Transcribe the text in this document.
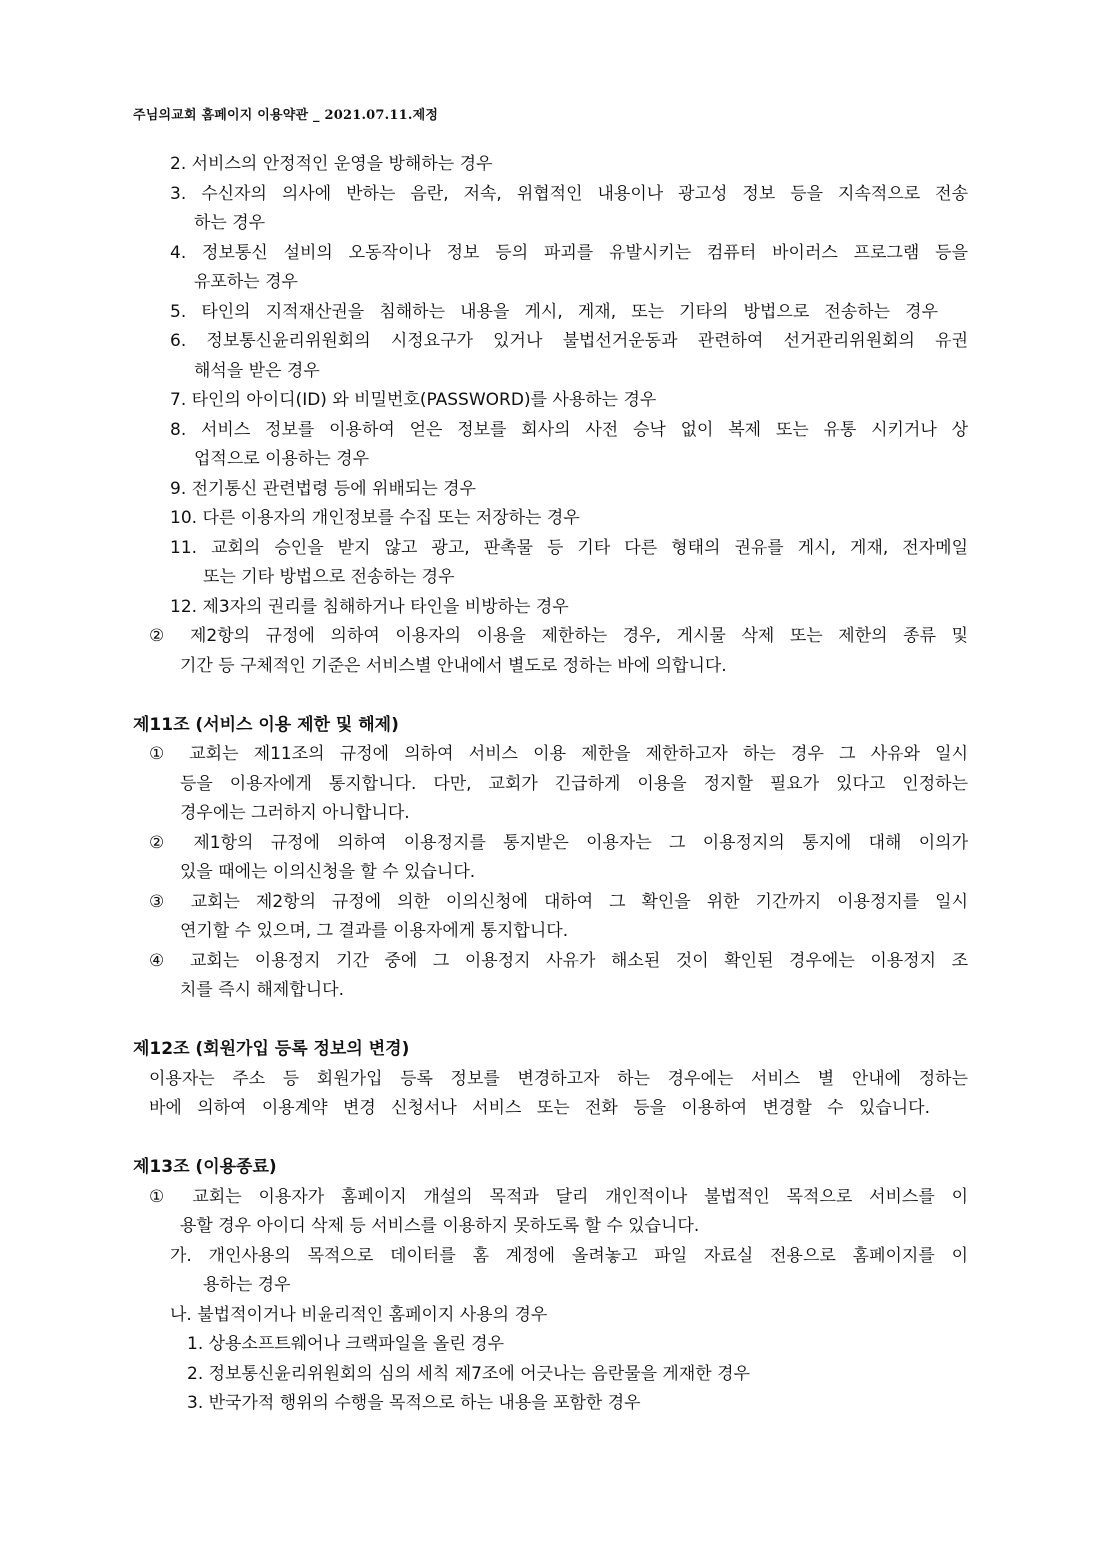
주님의교회 홈페이지 이용약관 _ 2021.07.11.제정
2. 서비스의 안정적인 운영을 방해하는 경우
3. 수신자의 의사에 반하는 음란, 저속, 위협적인 내용이나 광고성 정보 등을 지속적으로 전송
하는 경우
4. 정보통신 설비의 오동작이나 정보 등의 파괴를 유발시키는 컴퓨터 바이러스 프로그램 등을
유포하는 경우
5. 타인의 지적재산권을 침해하는 내용을 게시, 게재, 또는 기타의 방법으로 전송하는 경우
6. 정보통신윤리위원회의 시정요구가 있거나 불법선거운동과 관련하여 선거관리위원회의 유권
해석을 받은 경우
7. 타인의 아이디(ID) 와 비밀번호(PASSWORD)를 사용하는 경우
8. 서비스 정보를 이용하여 얻은 정보를 회사의 사전 승낙 없이 복제 또는 유통 시키거나 상
업적으로 이용하는 경우
9. 전기통신 관련법령 등에 위배되는 경우
10. 다른 이용자의 개인정보를 수집 또는 저장하는 경우
11. 교회의 승인을 받지 않고 광고, 판촉물 등 기타 다른 형태의 권유를 게시, 게재, 전자메일
또는 기타 방법으로 전송하는 경우
12. 제3자의 권리를 침해하거나 타인을 비방하는 경우
② 제2항의 규정에 의하여 이용자의 이용을 제한하는 경우, 게시물 삭제 또는 제한의 종류 및
기간 등 구체적인 기준은 서비스별 안내에서 별도로 정하는 바에 의합니다.
제11조 (서비스 이용 제한 및 해제)
① 교회는 제11조의 규정에 의하여 서비스 이용 제한을 제한하고자 하는 경우 그 사유와 일시
등을 이용자에게 통지합니다. 다만, 교회가 긴급하게 이용을 정지할 필요가 있다고 인정하는
경우에는 그러하지 아니합니다.
② 제1항의 규정에 의하여 이용정지를 통지받은 이용자는 그 이용정지의 통지에 대해 이의가
있을 때에는 이의신청을 할 수 있습니다.
③ 교회는 제2항의 규정에 의한 이의신청에 대하여 그 확인을 위한 기간까지 이용정지를 일시
연기할 수 있으며, 그 결과를 이용자에게 통지합니다.
④ 교회는 이용정지 기간 중에 그 이용정지 사유가 해소된 것이 확인된 경우에는 이용정지 조
치를 즉시 해제합니다.
제12조 (회원가입 등록 정보의 변경)
이용자는 주소 등 회원가입 등록 정보를 변경하고자 하는 경우에는 서비스 별 안내에 정하는
바에 의하여 이용계약 변경 신청서나 서비스 또는 전화 등을 이용하여 변경할 수 있습니다.
제13조 (이용종료)
① 교회는 이용자가 홈페이지 개설의 목적과 달리 개인적이나 불법적인 목적으로 서비스를 이
용할 경우 아이디 삭제 등 서비스를 이용하지 못하도록 할 수 있습니다.
가. 개인사용의 목적으로 데이터를 홈 계정에 올려놓고 파일 자료실 전용으로 홈페이지를 이
용하는 경우
나. 불법적이거나 비윤리적인 홈페이지 사용의 경우
1. 상용소프트웨어나 크랙파일을 올린 경우
2. 정보통신윤리위원회의 심의 세칙 제7조에 어긋나는 음란물을 게재한 경우
3. 반국가적 행위의 수행을 목적으로 하는 내용을 포함한 경우
